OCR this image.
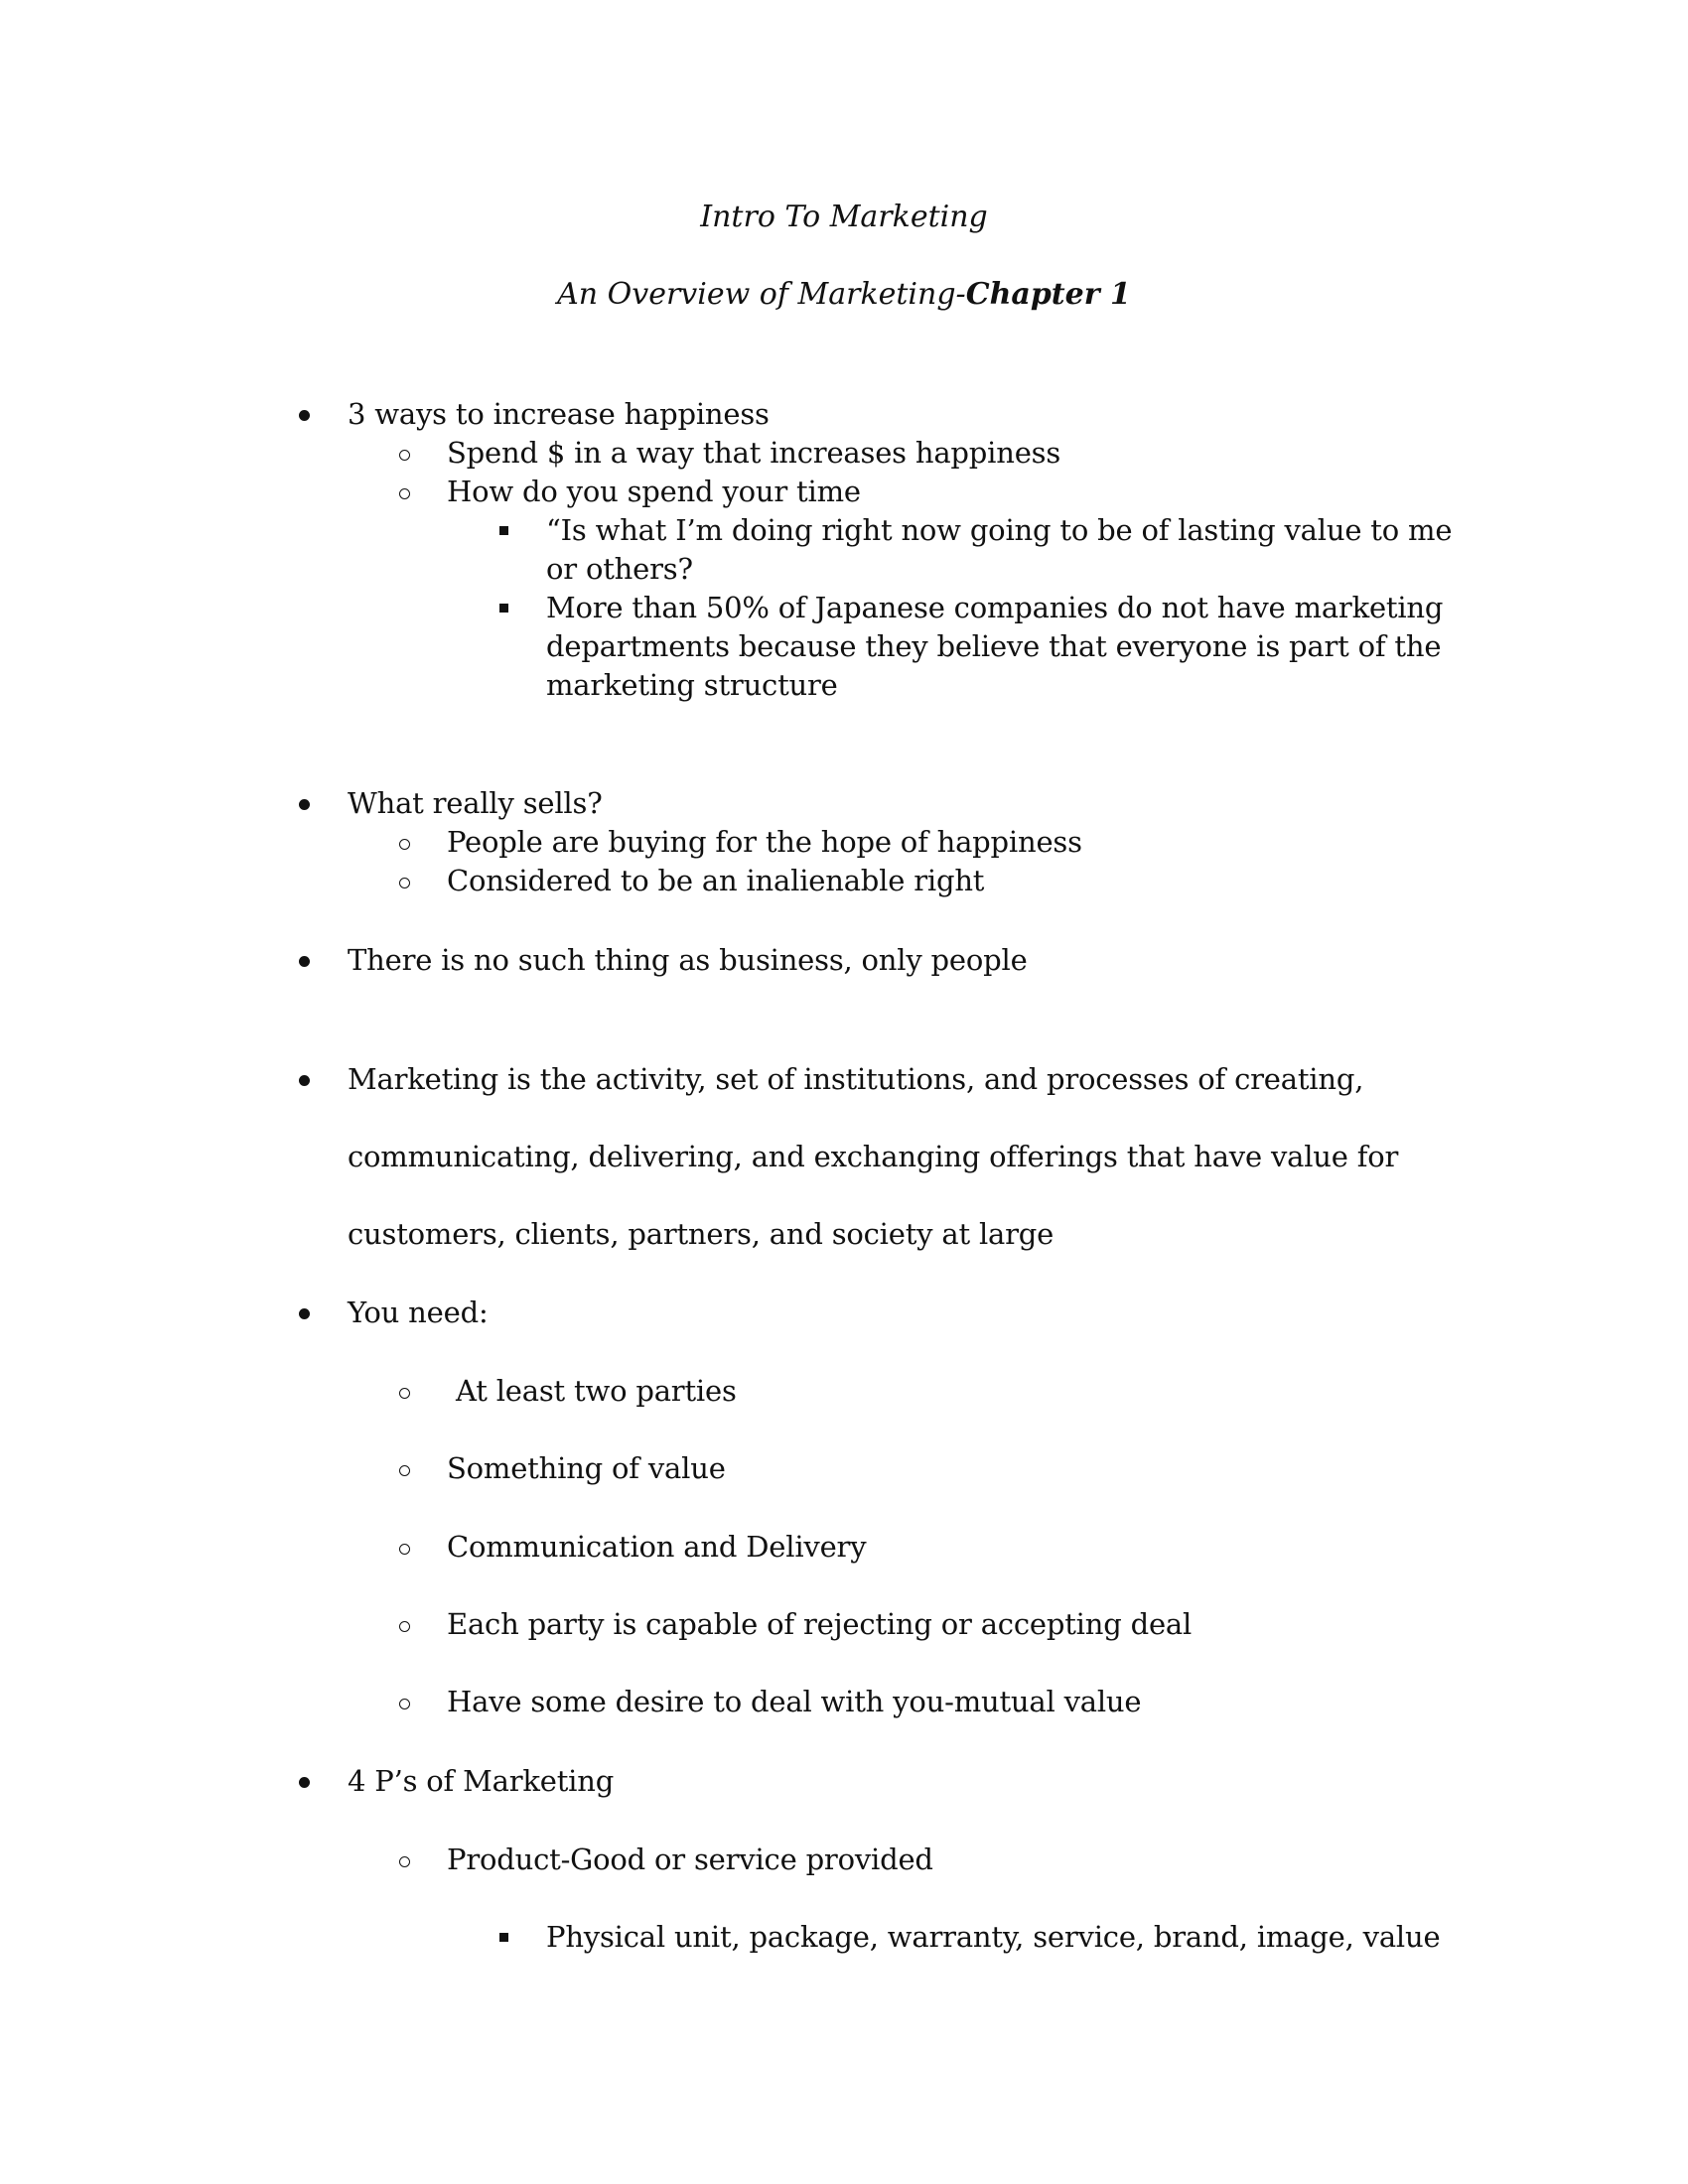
Intro To Marketing
An Overview of Marketing-Chapter 1
3 ways to increase happiness
Spend $ in a way that increases happiness
How do you spend your time
“Is what I’m doing right now going to be of lasting value to me
or others?
More than 50% of Japanese companies do not have marketing
departments because they believe that everyone is part of the
marketing structure
What really sells?
People are buying for the hope of happiness
Considered to be an inalienable right
There is no such thing as business, only people
Marketing is the activity, set of institutions, and processes of creating,
communicating, delivering, and exchanging offerings that have value for
customers, clients, partners, and society at large
You need:
At least two parties
Something of value
Communication and Delivery
Each party is capable of rejecting or accepting deal
Have some desire to deal with you-mutual value
4 P’s of Marketing
Product-Good or service provided
Physical unit, package, warranty, service, brand, image, value
